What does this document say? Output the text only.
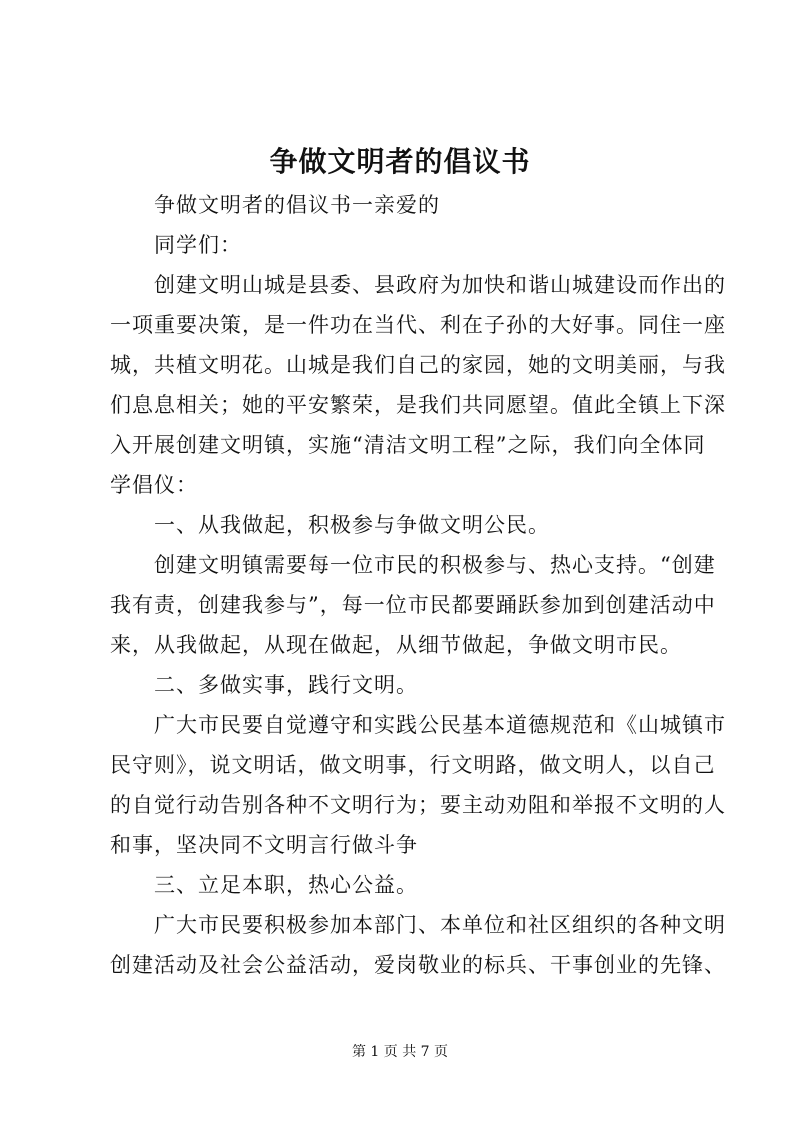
争做文明者的倡议书
　　争做文明者的倡议书一亲爱的
　　同学们：
　　创建文明山城是县委、县政府为加快和谐山城建设而作出的
一项重要决策，是一件功在当代、利在子孙的大好事。同住一座
城，共植文明花。山城是我们自己的家园，她的文明美丽，与我
们息息相关；她的平安繁荣，是我们共同愿望。值此全镇上下深
入开展创建文明镇，实施“清洁文明工程”之际，我们向全体同
学倡仪：
　　一、从我做起，积极参与争做文明公民。
　　创建文明镇需要每一位市民的积极参与、热心支持。“创建
我有责，创建我参与”，每一位市民都要踊跃参加到创建活动中
来，从我做起，从现在做起，从细节做起，争做文明市民。
　　二、多做实事，践行文明。
　　广大市民要自觉遵守和实践公民基本道德规范和《山城镇市
民守则》，说文明话，做文明事，行文明路，做文明人，以自己
的自觉行动告别各种不文明行为；要主动劝阻和举报不文明的人
和事，坚决同不文明言行做斗争
　　三、立足本职，热心公益。
　　广大市民要积极参加本部门、本单位和社区组织的各种文明
创建活动及社会公益活动，爱岗敬业的标兵、干事创业的先锋、
第 1 页 共 7 页
